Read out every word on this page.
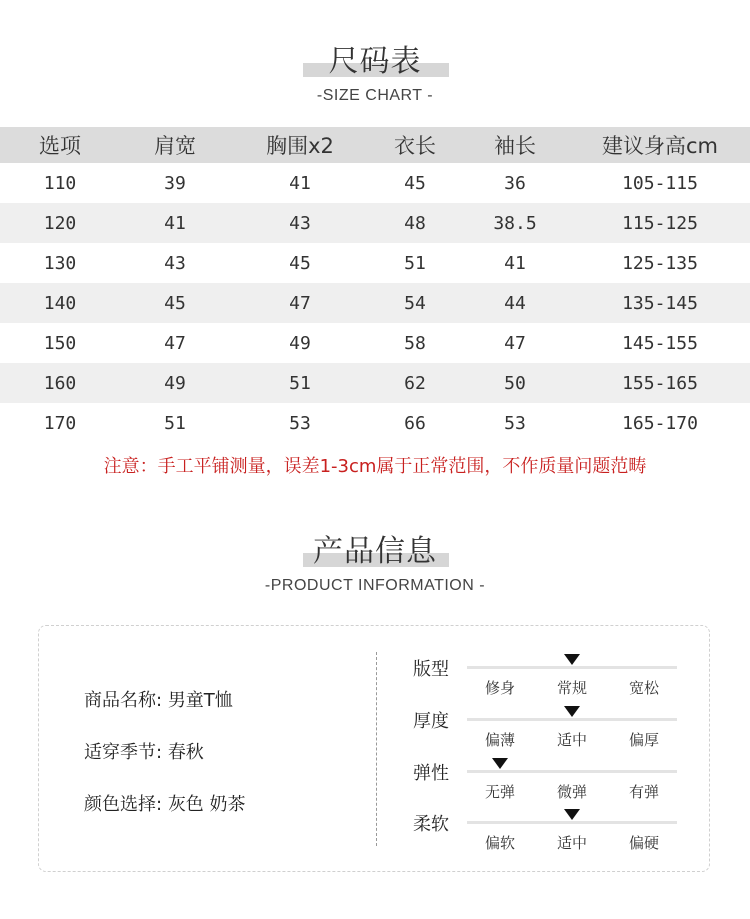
尺码表
-SIZE CHART -
选项	肩宽	胸围x2	衣长	袖长	建议身高cm
110	39	41	45	36	105-115
120	41	43	48	38.5	115-125
130	43	45	51	41	125-135
140	45	47	54	44	135-145
150	47	49	58	47	145-155
160	49	51	62	50	155-165
170	51	53	66	53	165-170
注意：手工平铺测量，误差1-3cm属于正常范围，不作质量问题范畴
产品信息
-PRODUCT INFORMATION -
商品名称: 男童T恤
适穿季节: 春秋
颜色选择: 灰色 奶茶
版型
修身	常规	宽松
厚度
偏薄	适中	偏厚
弹性
无弹	微弹	有弹
柔软
偏软	适中	偏硬
